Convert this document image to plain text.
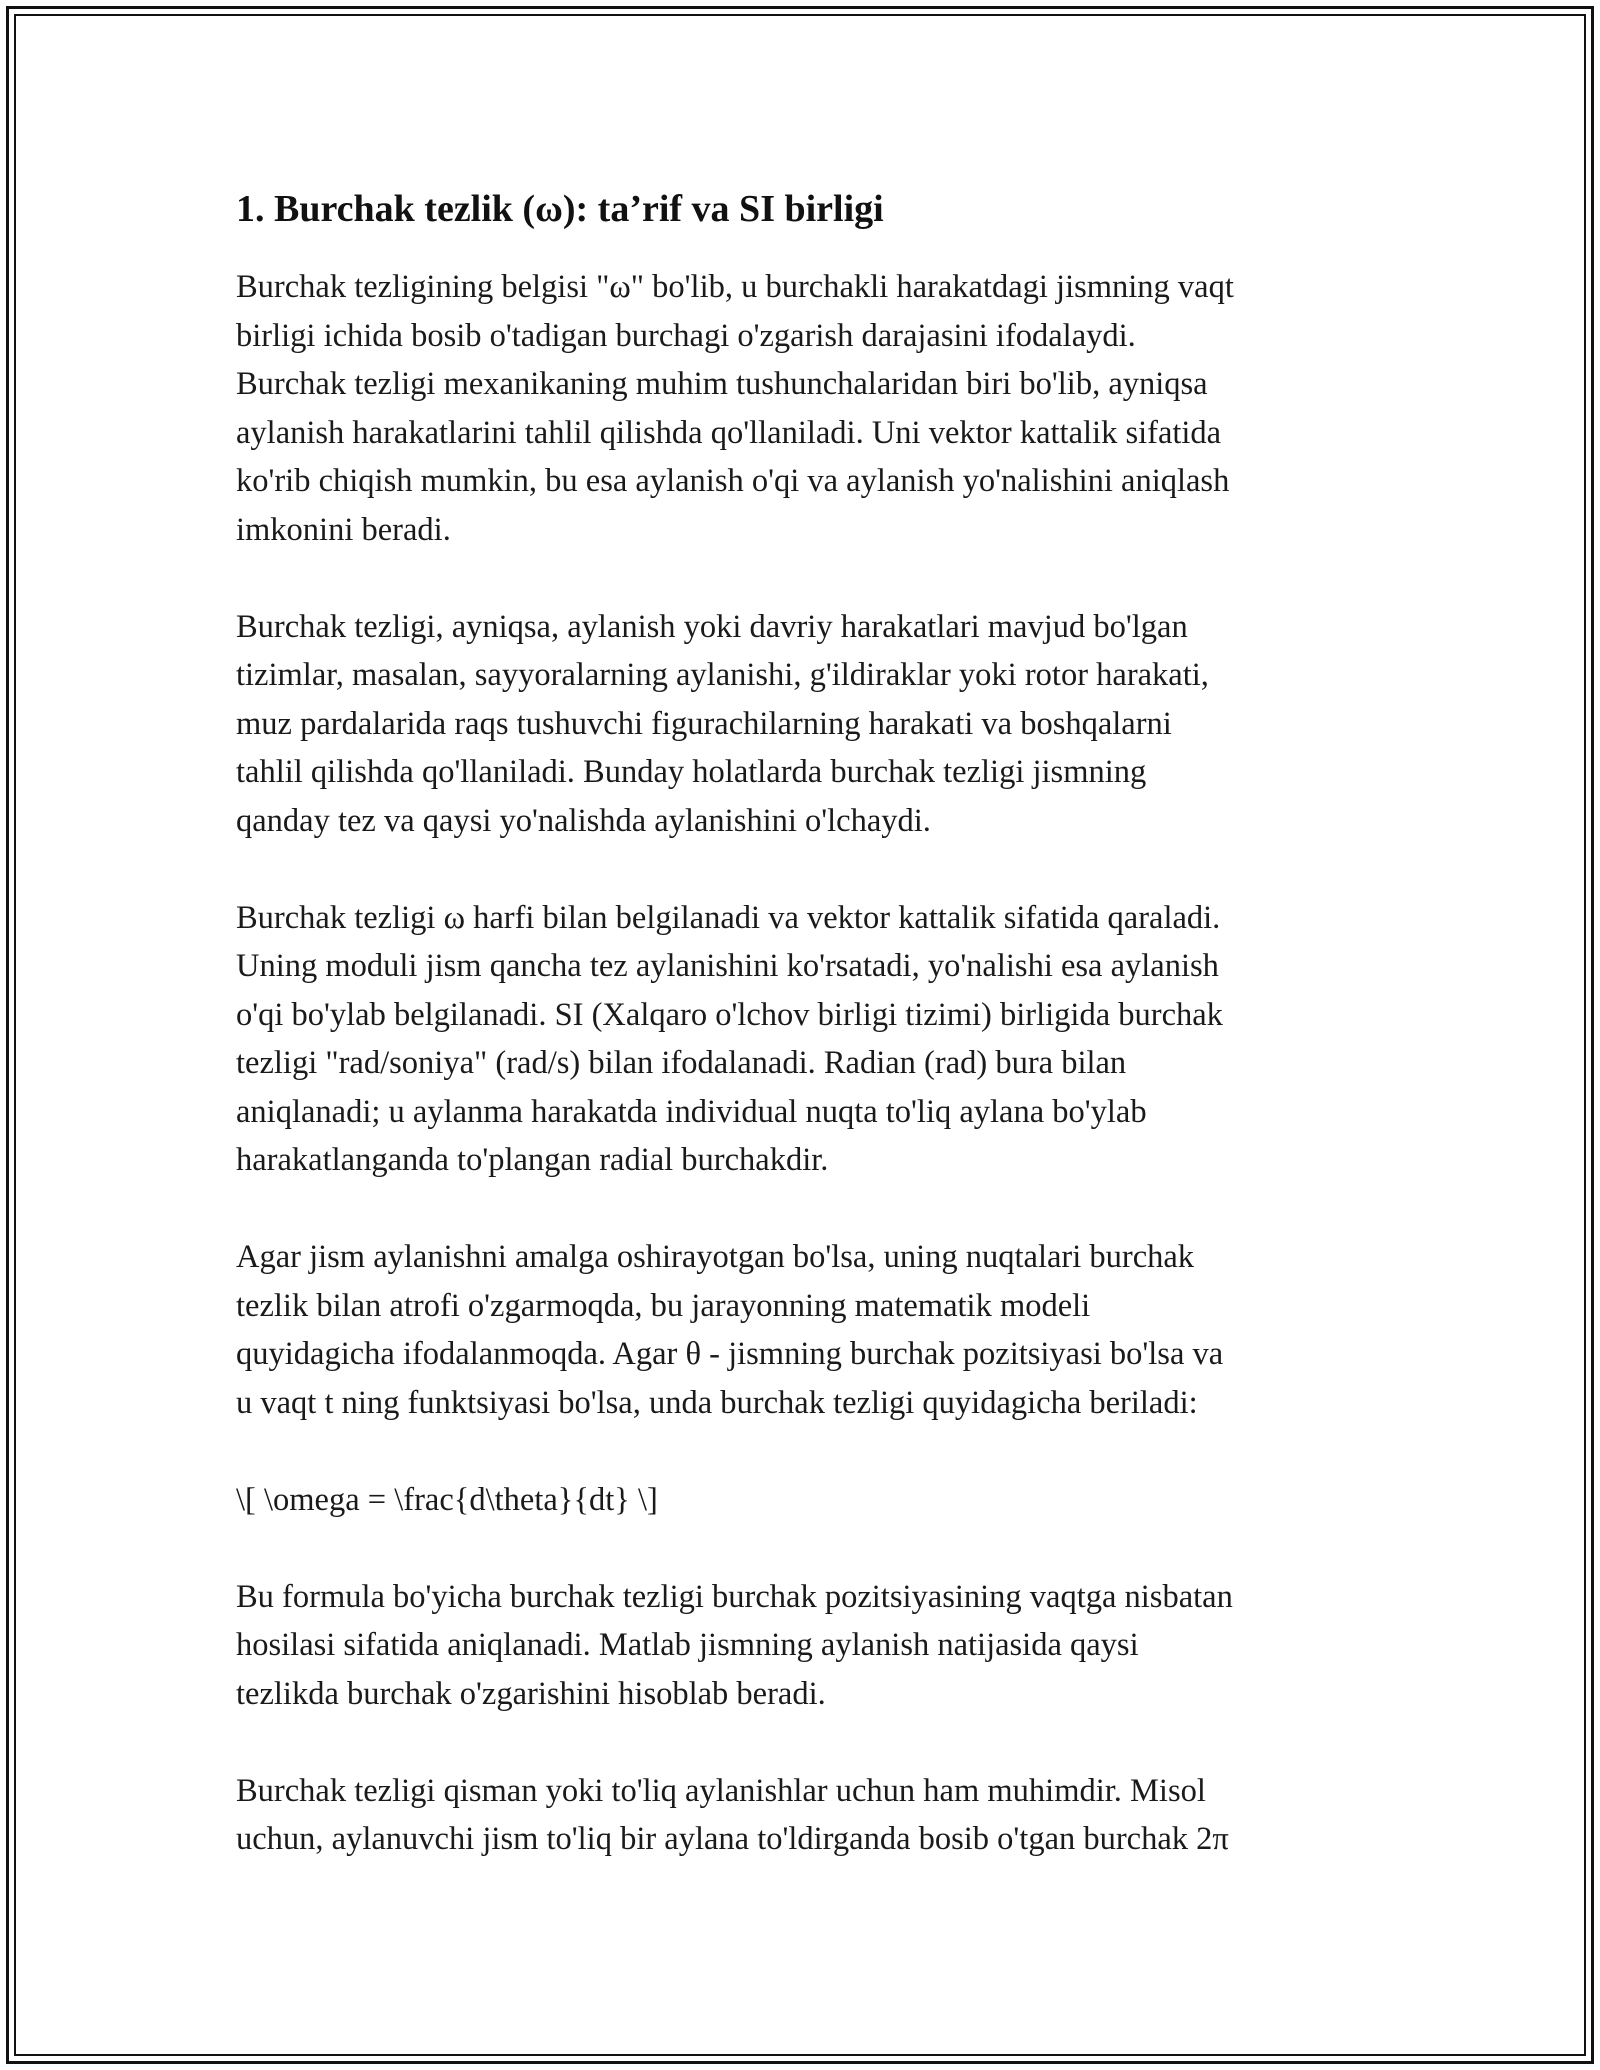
1. Burchak tezlik (ω): ta’rif va SI birligi

Burchak tezligining belgisi "ω" bo'lib, u burchakli harakatdagi jismning vaqt
birligi ichida bosib o'tadigan burchagi o'zgarish darajasini ifodalaydi.
Burchak tezligi mexanikaning muhim tushunchalaridan biri bo'lib, ayniqsa
aylanish harakatlarini tahlil qilishda qo'llaniladi. Uni vektor kattalik sifatida
ko'rib chiqish mumkin, bu esa aylanish o'qi va aylanish yo'nalishini aniqlash
imkonini beradi.

Burchak tezligi, ayniqsa, aylanish yoki davriy harakatlari mavjud bo'lgan
tizimlar, masalan, sayyoralarning aylanishi, g'ildiraklar yoki rotor harakati,
muz pardalarida raqs tushuvchi figurachilarning harakati va boshqalarni
tahlil qilishda qo'llaniladi. Bunday holatlarda burchak tezligi jismning
qanday tez va qaysi yo'nalishda aylanishini o'lchaydi.

Burchak tezligi ω harfi bilan belgilanadi va vektor kattalik sifatida qaraladi.
Uning moduli jism qancha tez aylanishini ko'rsatadi, yo'nalishi esa aylanish
o'qi bo'ylab belgilanadi. SI (Xalqaro o'lchov birligi tizimi) birligida burchak
tezligi "rad/soniya" (rad/s) bilan ifodalanadi. Radian (rad) bura bilan
aniqlanadi; u aylanma harakatda individual nuqta to'liq aylana bo'ylab
harakatlanganda to'plangan radial burchakdir.

Agar jism aylanishni amalga oshirayotgan bo'lsa, uning nuqtalari burchak
tezlik bilan atrofi o'zgarmoqda, bu jarayonning matematik modeli
quyidagicha ifodalanmoqda. Agar θ - jismning burchak pozitsiyasi bo'lsa va
u vaqt t ning funktsiyasi bo'lsa, unda burchak tezligi quyidagicha beriladi:

\[ \omega = \frac{d\theta}{dt} \]

Bu formula bo'yicha burchak tezligi burchak pozitsiyasining vaqtga nisbatan
hosilasi sifatida aniqlanadi. Matlab jismning aylanish natijasida qaysi
tezlikda burchak o'zgarishini hisoblab beradi.

Burchak tezligi qisman yoki to'liq aylanishlar uchun ham muhimdir. Misol
uchun, aylanuvchi jism to'liq bir aylana to'ldirganda bosib o'tgan burchak 2π
